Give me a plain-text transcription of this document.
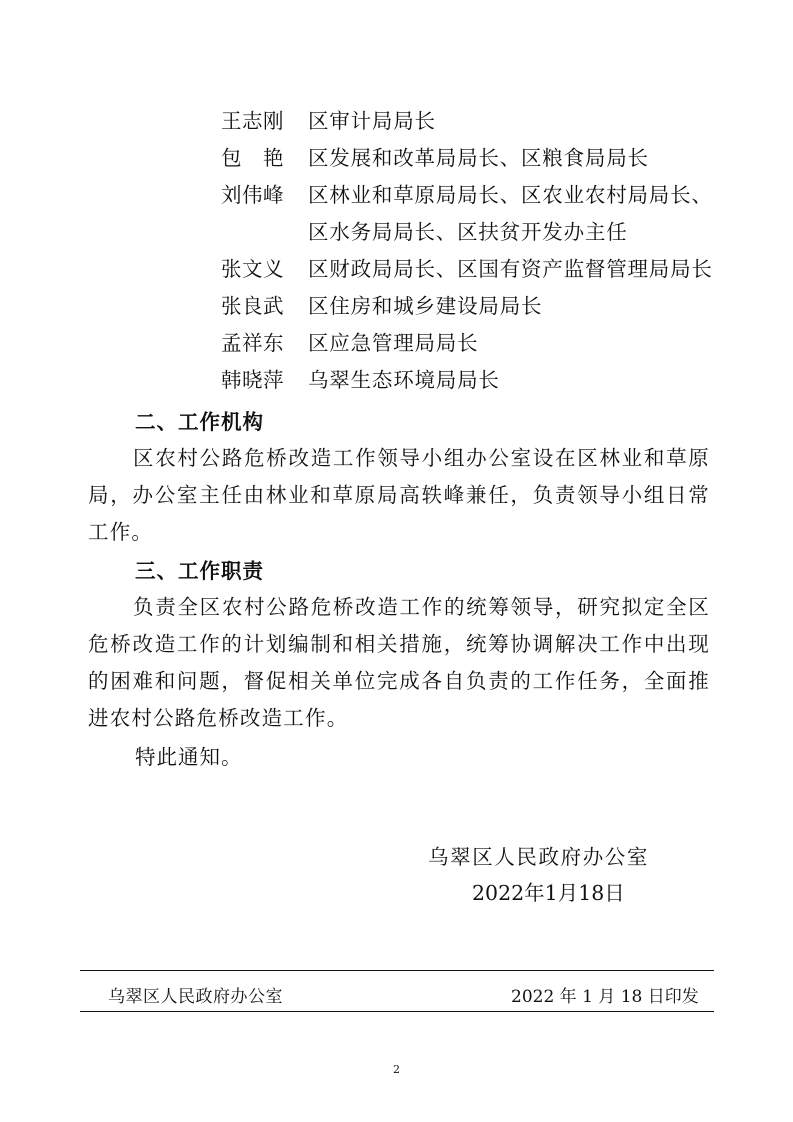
王志刚 区审计局局长
包　艳 区发展和改革局局长、区粮食局局长
刘伟峰 区林业和草原局局长、区农业农村局局长、
区水务局局长、区扶贫开发办主任
张文义 区财政局局长、区国有资产监督管理局局长
张良武 区住房和城乡建设局局长
孟祥东 区应急管理局局长
韩晓萍 乌翠生态环境局局长
二、工作机构
区农村公路危桥改造工作领导小组办公室设在区林业和草原局，办公室主任由林业和草原局高轶峰兼任，负责领导小组日常工作。
三、工作职责
负责全区农村公路危桥改造工作的统筹领导，研究拟定全区危桥改造工作的计划编制和相关措施，统筹协调解决工作中出现的困难和问题，督促相关单位完成各自负责的工作任务，全面推进农村公路危桥改造工作。
特此通知。
乌翠区人民政府办公室
2022年1月18日
乌翠区人民政府办公室	2022 年 1 月 18 日印发
2
